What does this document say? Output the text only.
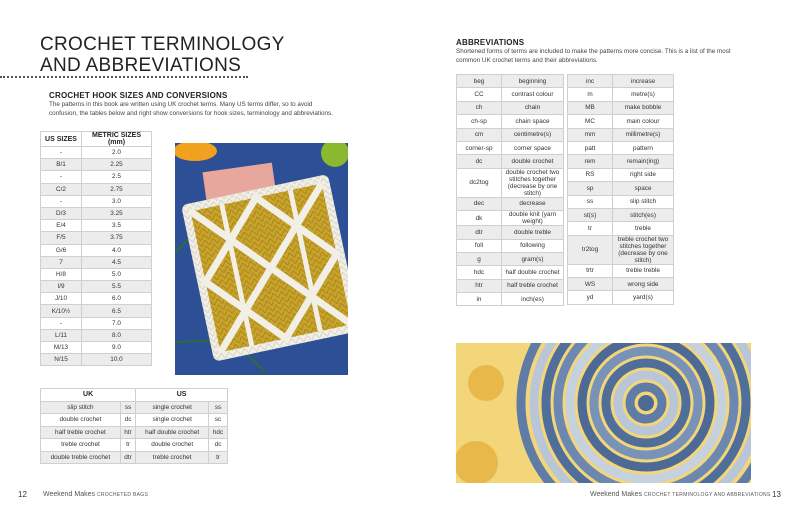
CROCHET TERMINOLOGY
AND ABBREVIATIONS
CROCHET HOOK SIZES AND CONVERSIONS
The patterns in this book are written using UK crochet terms. Many US terms differ, so to avoid
confusion, the tables below and right show conversions for hook sizes, terminology and abbreviations.
US SIZES	METRIC SIZES (mm)
-	2.0
B/1	2.25
-	2.5
C/2	2.75
-	3.0
D/3	3.25
E/4	3.5
F/5	3.75
G/6	4.0
7	4.5
H/8	5.0
I/9	5.5
J/10	6.0
K/10½	6.5
-	7.0
L/11	8.0
M/13	9.0
N/15	10.0
UK		US	
slip stitch	ss	single crochet	ss
double crochet	dc	single crochet	sc
half treble crochet	htr	half double crochet	hdc
treble crochet	tr	double crochet	dc
double treble crochet	dtr	treble crochet	tr
12 Weekend Makes CROCHETED BAGS
ABBREVIATIONS
Shortened forms of terms are included to make the patterns more concise. This is a list of the most
common UK crochet terms and their abbreviations.
beg	beginning
CC	contrast colour
ch	chain
ch-sp	chain space
cm	centimetre(s)
corner-sp	corner space
dc	double crochet
dc2tog	double crochet two stitches together (decrease by one stitch)
dec	decrease
dk	double knit (yarn weight)
dtr	double treble
foll	following
g	gram(s)
hdc	half double crochet
htr	half treble crochet
in	inch(es)
inc	increase
m	metre(s)
MB	make bobble
MC	main colour
mm	millimetre(s)
patt	pattern
rem	remain(ing)
RS	right side
sp	space
ss	slip stitch
st(s)	stitch(es)
tr	treble
tr2tog	treble crochet two stitches together (decrease by one stitch)
trtr	treble treble
WS	wrong side
yd	yard(s)
Weekend Makes CROCHET TERMINOLOGY AND ABBREVIATIONS 13
